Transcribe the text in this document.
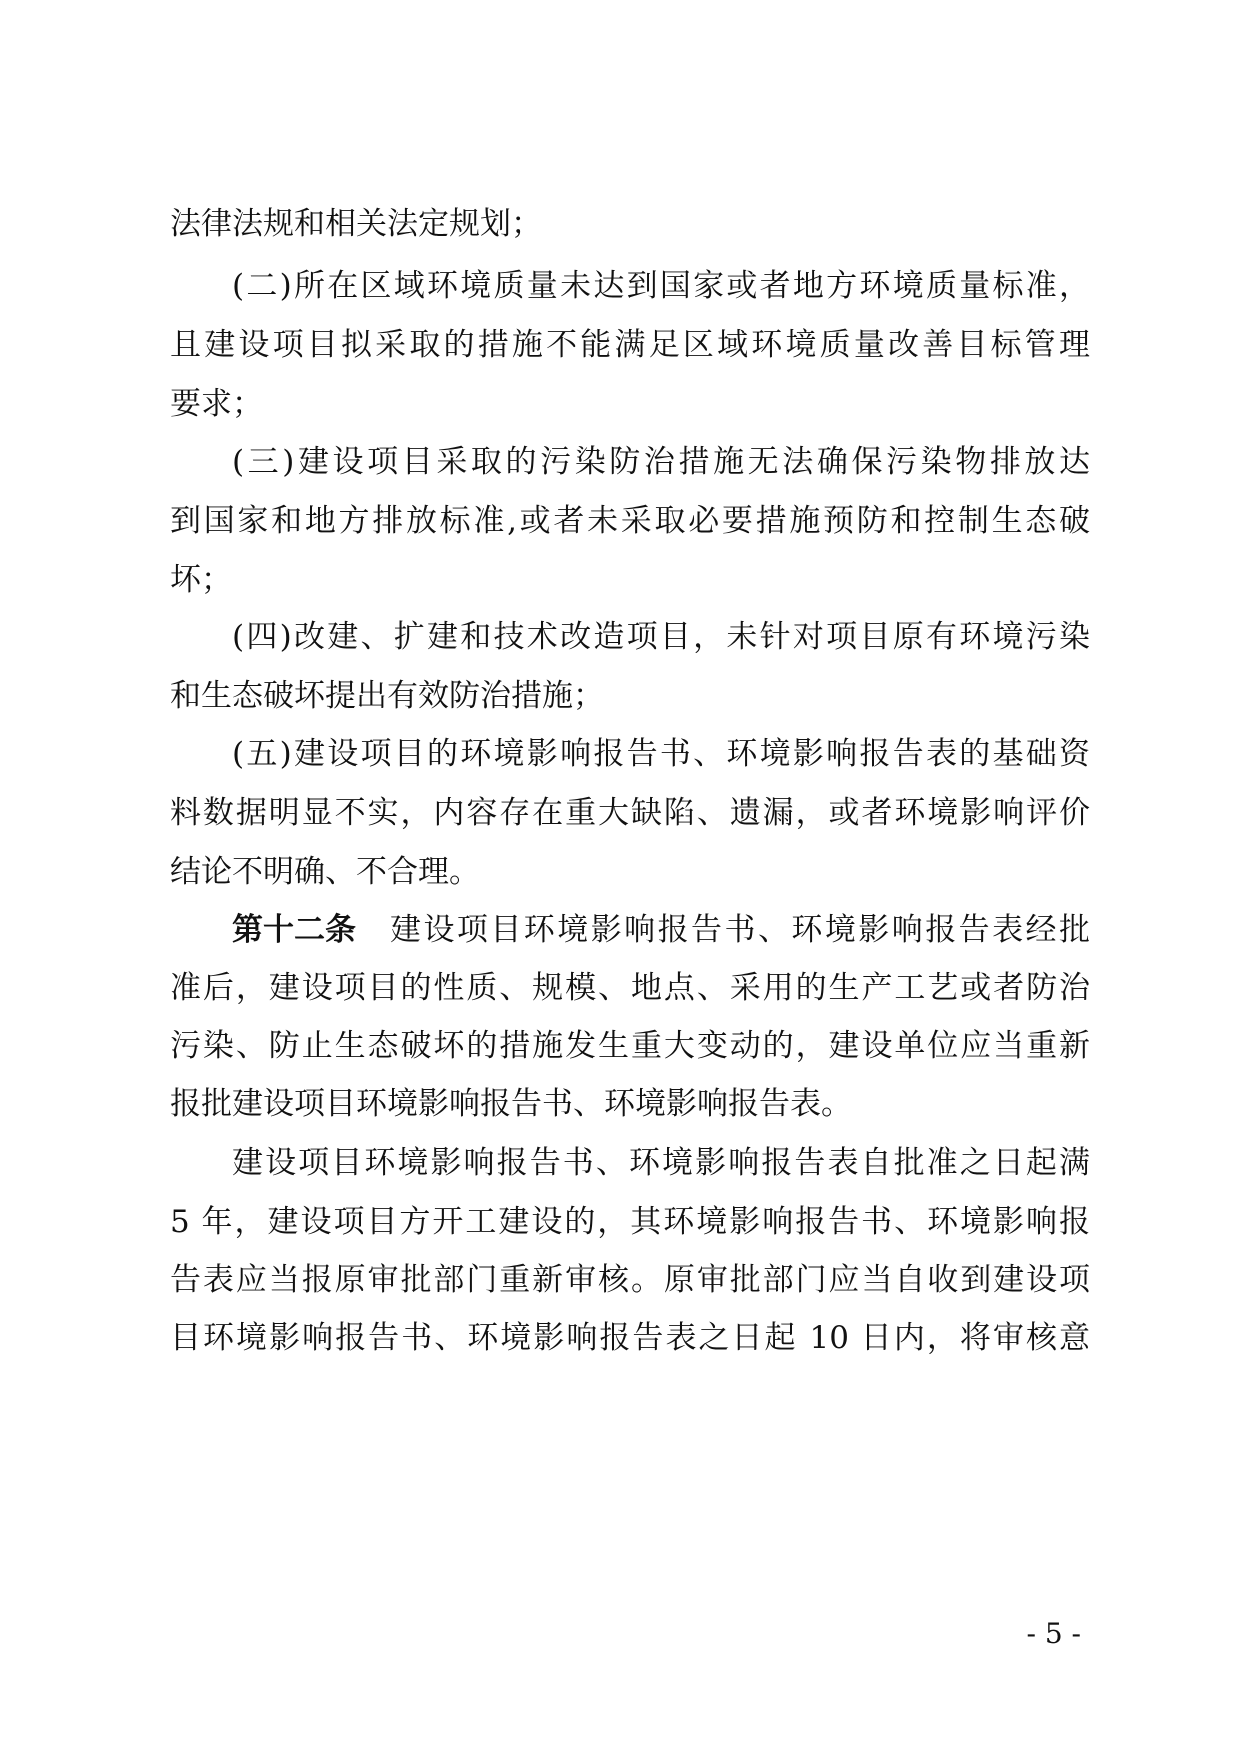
法律法规和相关法定规划；
(二)所在区域环境质量未达到国家或者地方环境质量标准，
且建设项目拟采取的措施不能满足区域环境质量改善目标管理
要求；
(三)建设项目采取的污染防治措施无法确保污染物排放达
到国家和地方排放标准,或者未采取必要措施预防和控制生态破
坏；
(四)改建、扩建和技术改造项目，未针对项目原有环境污染
和生态破坏提出有效防治措施；
(五)建设项目的环境影响报告书、环境影响报告表的基础资
料数据明显不实，内容存在重大缺陷、遗漏，或者环境影响评价
结论不明确、不合理。
第十二条 建设项目环境影响报告书、环境影响报告表经批
准后，建设项目的性质、规模、地点、采用的生产工艺或者防治
污染、防止生态破坏的措施发生重大变动的，建设单位应当重新
报批建设项目环境影响报告书、环境影响报告表。
建设项目环境影响报告书、环境影响报告表自批准之日起满
5 年，建设项目方开工建设的，其环境影响报告书、环境影响报
告表应当报原审批部门重新审核。原审批部门应当自收到建设项
目环境影响报告书、环境影响报告表之日起 10 日内，将审核意
- 5 -
